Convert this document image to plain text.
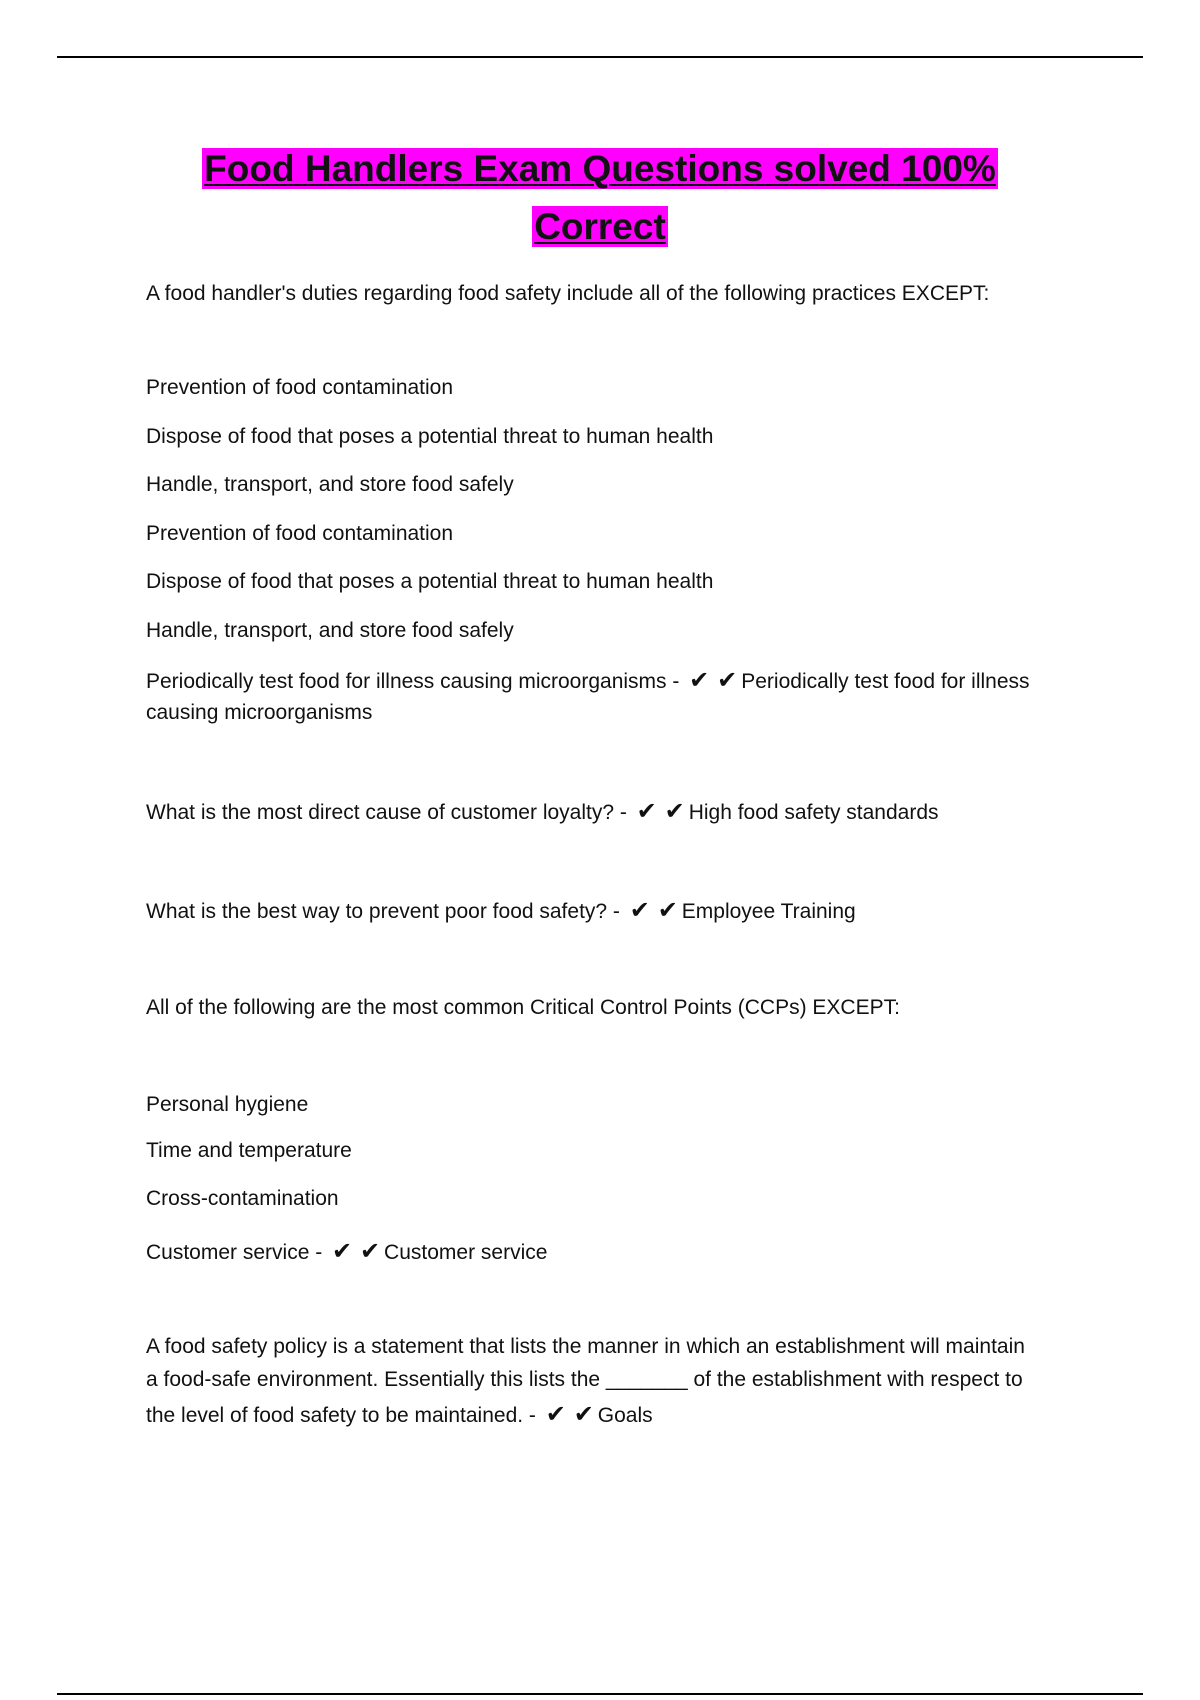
Food Handlers Exam Questions solved 100%
Correct
A food handler's duties regarding food safety include all of the following practices EXCEPT:
Prevention of food contamination
Dispose of food that poses a potential threat to human health
Handle, transport, and store food safely
Prevention of food contamination
Dispose of food that poses a potential threat to human health
Handle, transport, and store food safely
Periodically test food for illness causing microorganisms - ✔ ✔ Periodically test food for illness
causing microorganisms
What is the most direct cause of customer loyalty? - ✔ ✔ High food safety standards
What is the best way to prevent poor food safety? - ✔ ✔ Employee Training
All of the following are the most common Critical Control Points (CCPs) EXCEPT:
Personal hygiene
Time and temperature
Cross-contamination
Customer service - ✔ ✔ Customer service
A food safety policy is a statement that lists the manner in which an establishment will maintain
a food-safe environment. Essentially this lists the _______ of the establishment with respect to
the level of food safety to be maintained. - ✔ ✔ Goals
